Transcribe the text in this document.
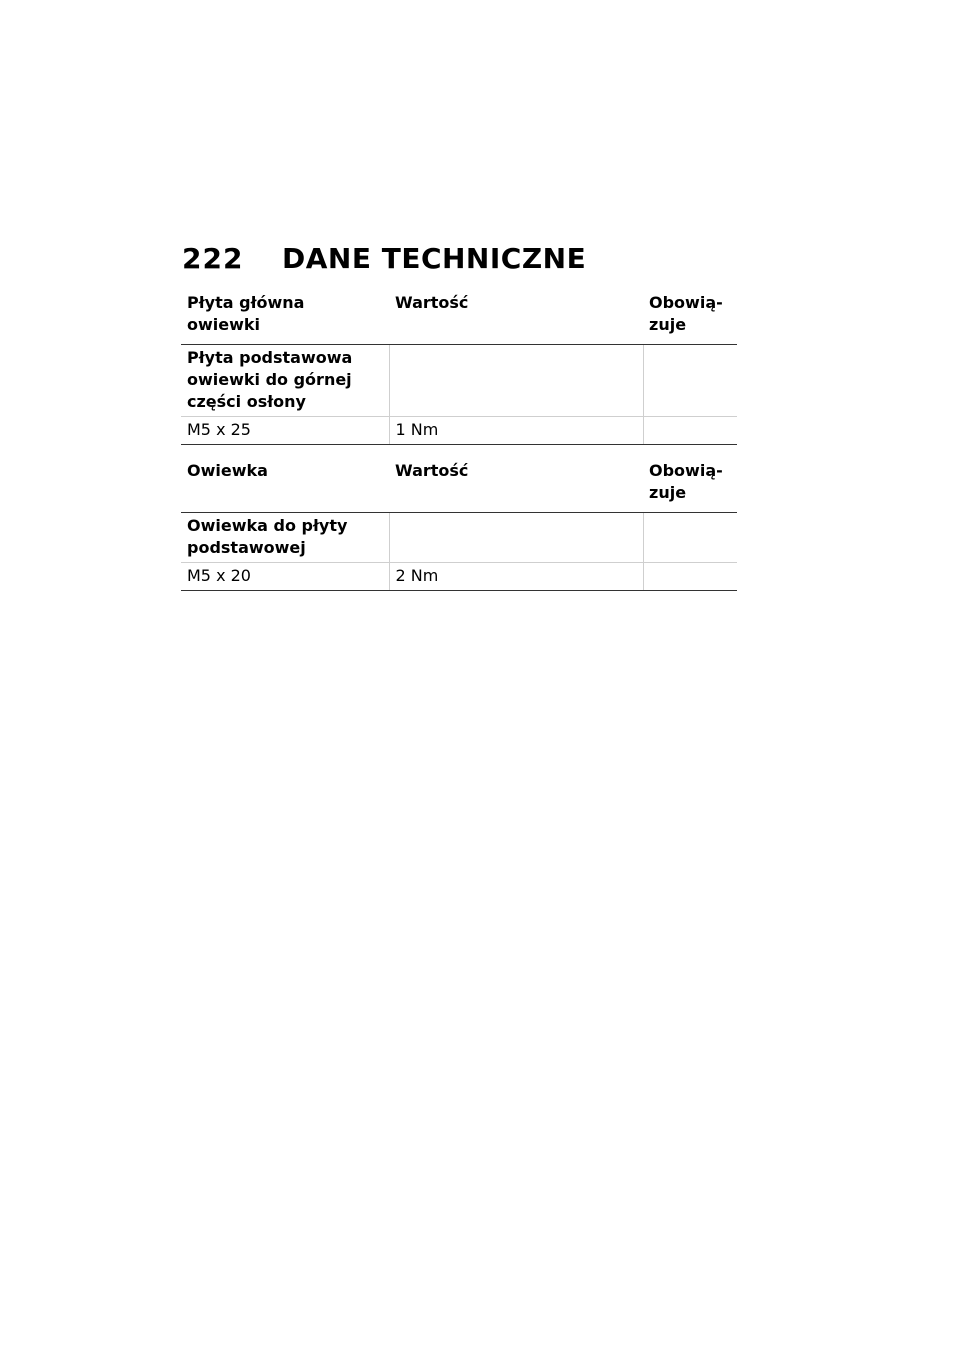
222	DANE TECHNICZNE
Płyta główna owiewki	Wartość	Obowią-zuje
Płyta podstawowa owiewki do górnej części osłony		
M5 x 25	1 Nm	
Owiewka	Wartość	Obowią-zuje
Owiewka do płyty podstawowej		
M5 x 20	2 Nm	
